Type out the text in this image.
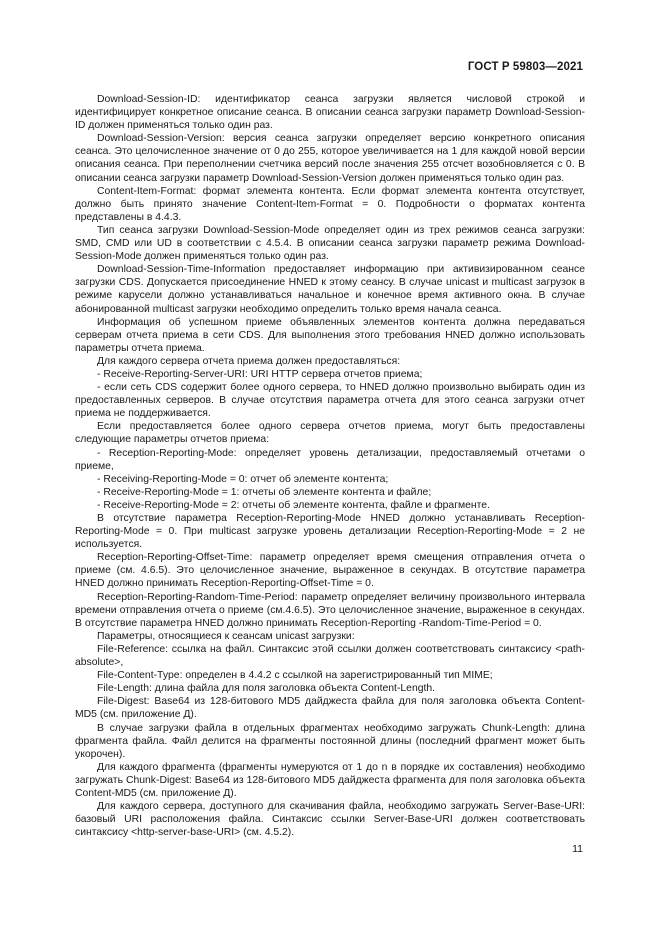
ГОСТ Р 59803—2021

Download-Session-ID: идентификатор сеанса загрузки является числовой строкой и идентифицирует конкретное описание сеанса. В описании сеанса загрузки параметр Download-Session-ID должен применяться только один раз.

Download-Session-Version: версия сеанса загрузки определяет версию конкретного описания сеанса. Это целочисленное значение от 0 до 255, которое увеличивается на 1 для каждой новой версии описания сеанса. При переполнении счетчика версий после значения 255 отсчет возобновляется с 0. В описании сеанса загрузки параметр Download-Session-Version должен применяться только один раз.

Content-Item-Format: формат элемента контента. Если формат элемента контента отсутствует, должно быть принято значение Content-Item-Format = 0. Подробности о форматах контента представлены в 4.4.3.

Тип сеанса загрузки Download-Session-Mode определяет один из трех режимов сеанса загрузки: SMD, CMD или UD в соответствии с 4.5.4. В описании сеанса загрузки параметр режима Download-Session-Mode должен применяться только один раз.

Download-Session-Time-Information предоставляет информацию при активизированном сеансе загрузки CDS. Допускается присоединение HNED к этому сеансу. В случае unicast и multicast загрузок в режиме карусели должно устанавливаться начальное и конечное время активного окна. В случае абонированной multicast загрузки необходимо определить только время начала сеанса.

Информация об успешном приеме объявленных элементов контента должна передаваться серверам отчета приема в сети CDS. Для выполнения этого требования HNED должно использовать параметры отчета приема.

Для каждого сервера отчета приема должен предоставляться:

- Receive-Reporting-Server-URI: URI HTTP сервера отчетов приема;

- если сеть CDS содержит более одного сервера, то HNED должно произвольно выбирать один из предоставленных серверов. В случае отсутствия параметра отчета для этого сеанса загрузки отчет приема не поддерживается.

Если предоставляется более одного сервера отчетов приема, могут быть предоставлены следующие параметры отчетов приема:

- Reception-Reporting-Mode: определяет уровень детализации, предоставляемый отчетами о приеме,

- Receiving-Reporting-Mode = 0: отчет об элементе контента;

- Receive-Reporting-Mode = 1: отчеты об элементе контента и файле;

- Receive-Reporting-Mode = 2: отчеты об элементе контента, файле и фрагменте.

В отсутствие параметра Reception-Reporting-Mode HNED должно устанавливать Reception-Reporting-Mode = 0. При multicast загрузке уровень детализации Reception-Reporting-Mode = 2 не используется.

Reception-Reporting-Offset-Time: параметр определяет время смещения отправления отчета о приеме (см. 4.6.5). Это целочисленное значение, выраженное в секундах. В отсутствие параметра HNED должно принимать Reception-Reporting-Offset-Time = 0.

Reception-Reporting-Random-Time-Period: параметр определяет величину произвольного интервала времени отправления отчета о приеме (см.4.6.5). Это целочисленное значение, выраженное в секундах. В отсутствие параметра HNED должно принимать Reception-Reporting -Random-Time-Period = 0.

Параметры, относящиеся к сеансам unicast загрузки:

File-Reference: ссылка на файл. Синтаксис этой ссылки должен соответствовать синтаксису <path-absolute>,

File-Content-Type: определен в 4.4.2 с ссылкой на зарегистрированный тип MIME;

File-Length: длина файла для поля заголовка объекта Content-Length.

File-Digest: Base64 из 128-битового MD5 дайджеста файла для поля заголовка объекта Content-MD5 (см. приложение Д).

В случае загрузки файла в отдельных фрагментах необходимо загружать Chunk-Length: длина фрагмента файла. Файл делится на фрагменты постоянной длины (последний фрагмент может быть укорочен).

Для каждого фрагмента (фрагменты нумеруются от 1 до n в порядке их составления) необходимо загружать Chunk-Digest: Base64 из 128-битового MD5 дайджеста фрагмента для поля заголовка объекта Content-MD5 (см. приложение Д).

Для каждого сервера, доступного для скачивания файла, необходимо загружать Server-Base-URI: базовый URI расположения файла. Синтаксис ссылки Server-Base-URI должен соответствовать синтаксису <http-server-base-URI> (см. 4.5.2).

11
